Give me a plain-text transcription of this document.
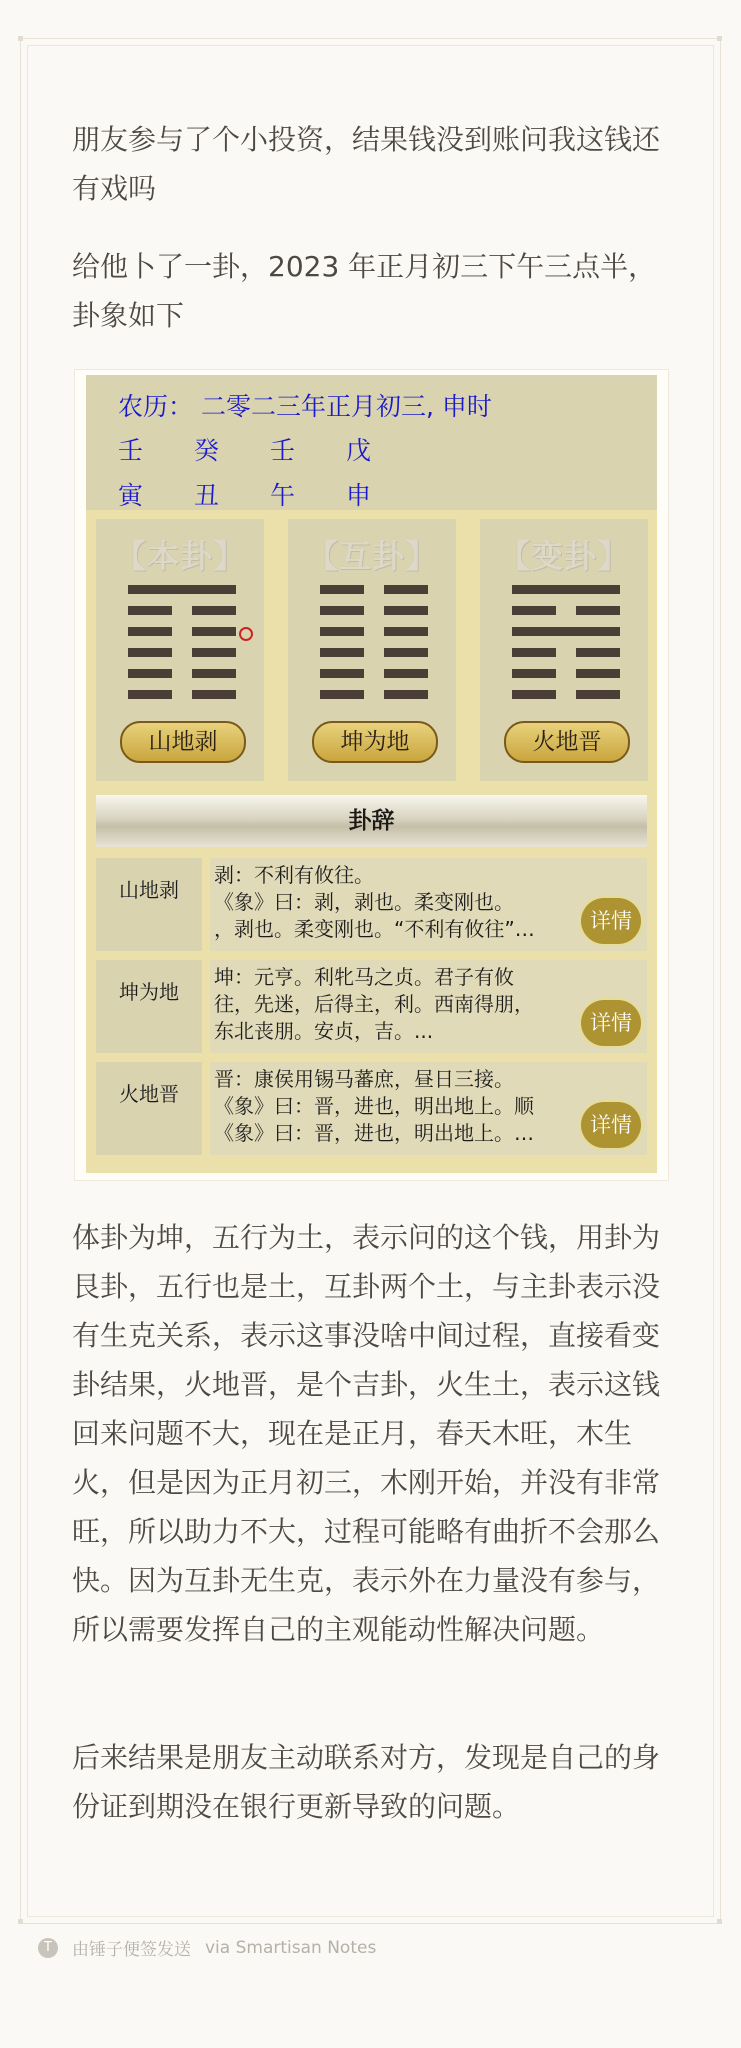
朋友参与了个小投资，结果钱没到账问我这钱还有戏吗

给他卜了一卦，2023 年正月初三下午三点半，卦象如下

农历： 二零二三年正月初三, 申时
壬 癸 壬 戊
寅 丑 午 申
【本卦】
山地剥
【互卦】
坤为地
【变卦】
火地晋
卦辞
山地剥
剥：不利有攸往。
《象》曰：剥，剥也。柔变刚也。
，剥也。柔变刚也。“不利有攸往”…	详情
坤为地
坤：元亨。利牝马之贞。君子有攸
往，先迷，后得主，利。西南得朋，
东北丧朋。安贞，吉。...	详情
火地晋
晋：康侯用锡马蕃庶，昼日三接。
《象》曰：晋，进也，明出地上。顺
《象》曰：晋，进也，明出地上。…	详情

体卦为坤，五行为土，表示问的这个钱，用卦为艮卦，五行也是土，互卦两个土，与主卦表示没有生克关系，表示这事没啥中间过程，直接看变卦结果，火地晋，是个吉卦，火生土，表示这钱回来问题不大，现在是正月，春天木旺，木生火，但是因为正月初三，木刚开始，并没有非常旺，所以助力不大，过程可能略有曲折不会那么快。因为互卦无生克，表示外在力量没有参与，所以需要发挥自己的主观能动性解决问题。

后来结果是朋友主动联系对方，发现是自己的身份证到期没在银行更新导致的问题。

T	由锤子便签发送 via Smartisan Notes
